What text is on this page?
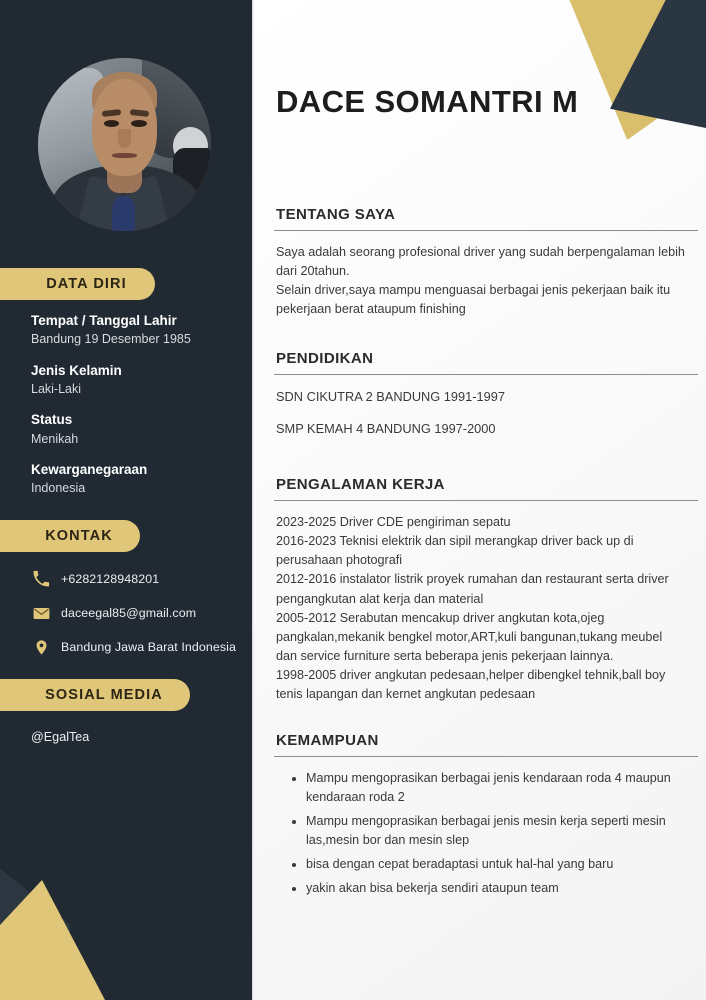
DATA DIRI
Tempat / Tanggal Lahir
Bandung 19 Desember 1985
Jenis Kelamin
Laki-Laki
Status
Menikah
Kewarganegaraan
Indonesia
KONTAK
+6282128948201
daceegal85@gmail.com
Bandung Jawa Barat Indonesia
SOSIAL MEDIA
@EgalTea
DACE SOMANTRI M
TENTANG SAYA
Saya adalah seorang profesional driver yang sudah berpengalaman lebih dari 20tahun.
Selain driver,saya mampu menguasai berbagai jenis pekerjaan baik itu pekerjaan berat ataupum finishing
PENDIDIKAN
SDN CIKUTRA 2 BANDUNG 1991-1997
SMP KEMAH 4 BANDUNG 1997-2000
PENGALAMAN KERJA
2023-2025 Driver CDE pengiriman sepatu
2016-2023 Teknisi elektrik dan sipil merangkap driver back up di perusahaan photografi
2012-2016 instalator listrik proyek rumahan dan restaurant serta driver pengangkutan alat kerja dan material
2005-2012 Serabutan mencakup driver angkutan kota,ojeg pangkalan,mekanik bengkel motor,ART,kuli bangunan,tukang meubel dan service furniture serta beberapa jenis pekerjaan lainnya.
1998-2005 driver angkutan pedesaan,helper dibengkel tehnik,ball boy tenis lapangan dan kernet angkutan pedesaan
KEMAMPUAN
• Mampu mengoprasikan berbagai jenis kendaraan roda 4 maupun kendaraan roda 2
• Mampu mengoprasikan berbagai jenis mesin kerja seperti mesin las,mesin bor dan mesin slep
• bisa dengan cepat beradaptasi untuk hal-hal yang baru
• yakin akan bisa bekerja sendiri ataupun team
